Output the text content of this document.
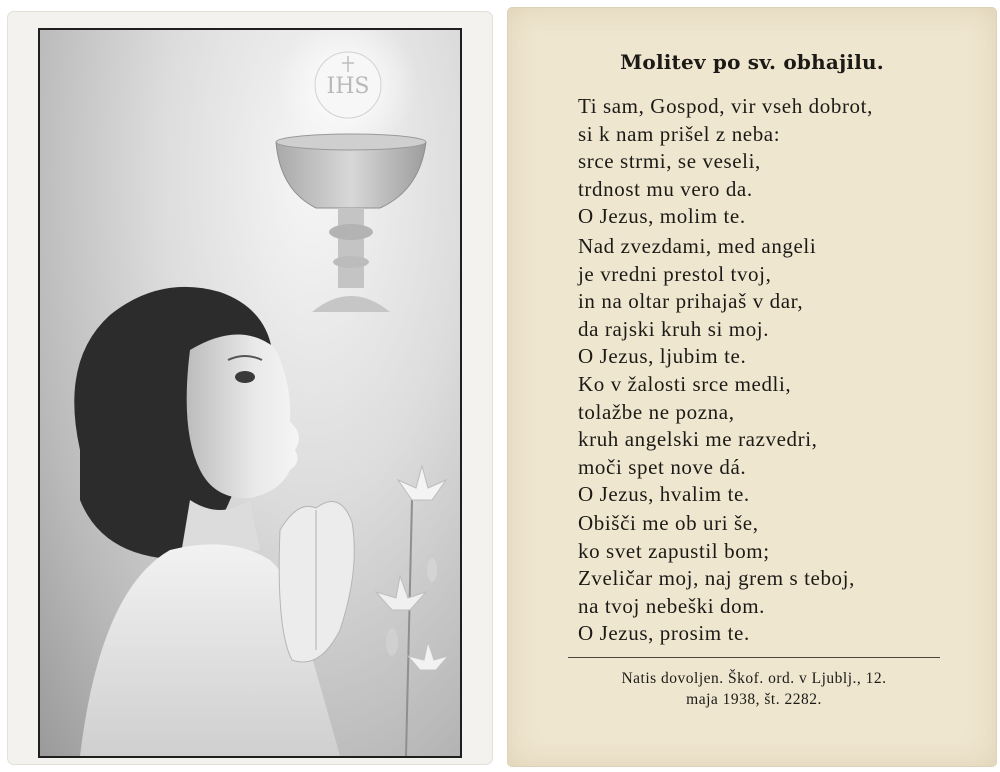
IHS
Molitev po sv. obhajilu.
Ti sam, Gospod, vir vseh dobrot,
si k nam prišel z neba:
srce strmi, se veseli,
trdnost mu vero da.
O Jezus, molim te.
Nad zvezdami, med angeli
je vredni prestol tvoj,
in na oltar prihajaš v dar,
da rajski kruh si moj.
O Jezus, ljubim te.
Ko v žalosti srce medli,
tolažbe ne pozna,
kruh angelski me razvedri,
moči spet nove dá.
O Jezus, hvalim te.
Obišči me ob uri še,
ko svet zapustil bom;
Zveličar moj, naj grem s teboj,
na tvoj nebeški dom.
O Jezus, prosim te.

Natis dovoljen. Škof. ord. v Ljublj., 12.
maja 1938, št. 2282.
